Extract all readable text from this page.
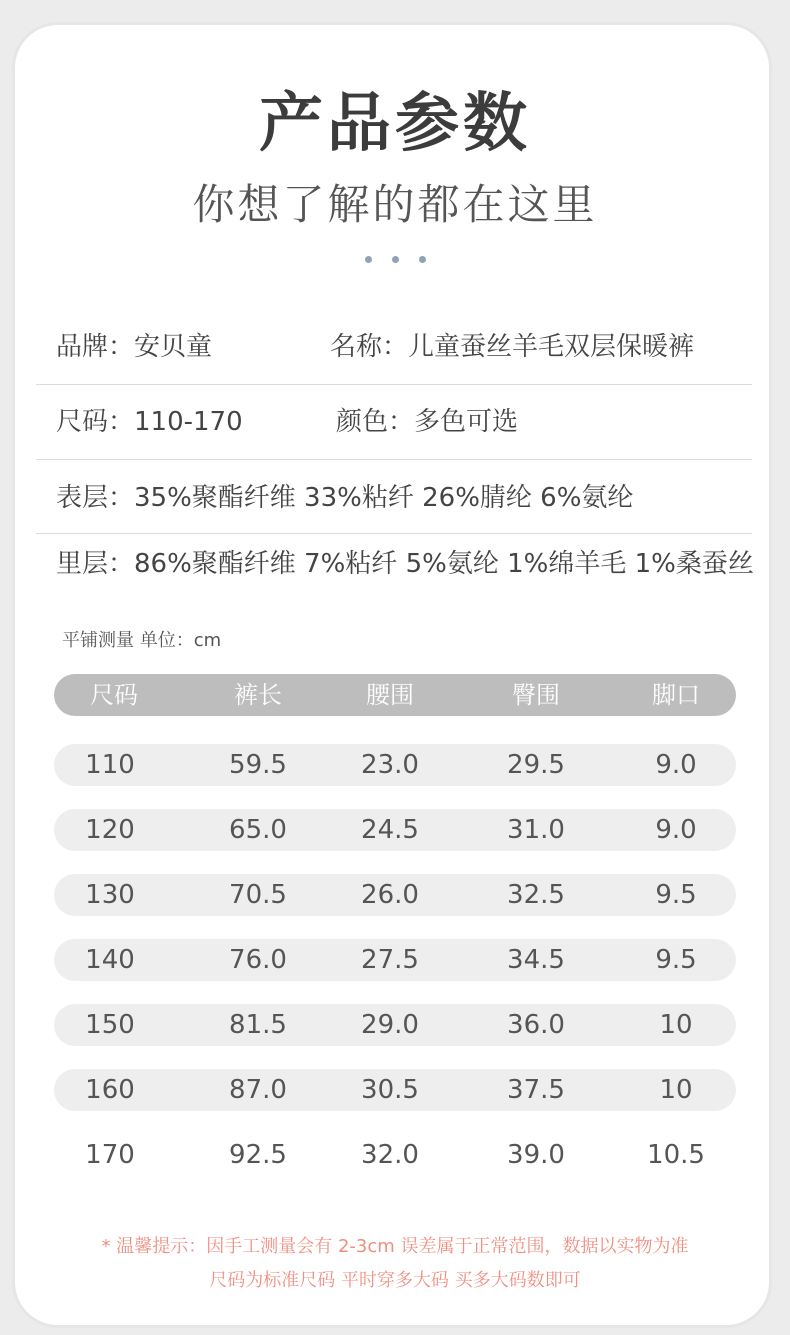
产品参数
你想了解的都在这里
品牌：安贝童	名称：儿童蚕丝羊毛双层保暖裤
尺码：110-170	颜色：多色可选
表层：35%聚酯纤维 33%粘纤 26%腈纶 6%氨纶
里层：86%聚酯纤维 7%粘纤 5%氨纶 1%绵羊毛 1%桑蚕丝
平铺测量 单位：cm
尺码	裤长	腰围	臀围	脚口
110	59.5	23.0	29.5	9.0
120	65.0	24.5	31.0	9.0
130	70.5	26.0	32.5	9.5
140	76.0	27.5	34.5	9.5
150	81.5	29.0	36.0	10
160	87.0	30.5	37.5	10
170	92.5	32.0	39.0	10.5
* 温馨提示：因手工测量会有 2-3cm 误差属于正常范围，数据以实物为准
尺码为标准尺码 平时穿多大码 买多大码数即可
